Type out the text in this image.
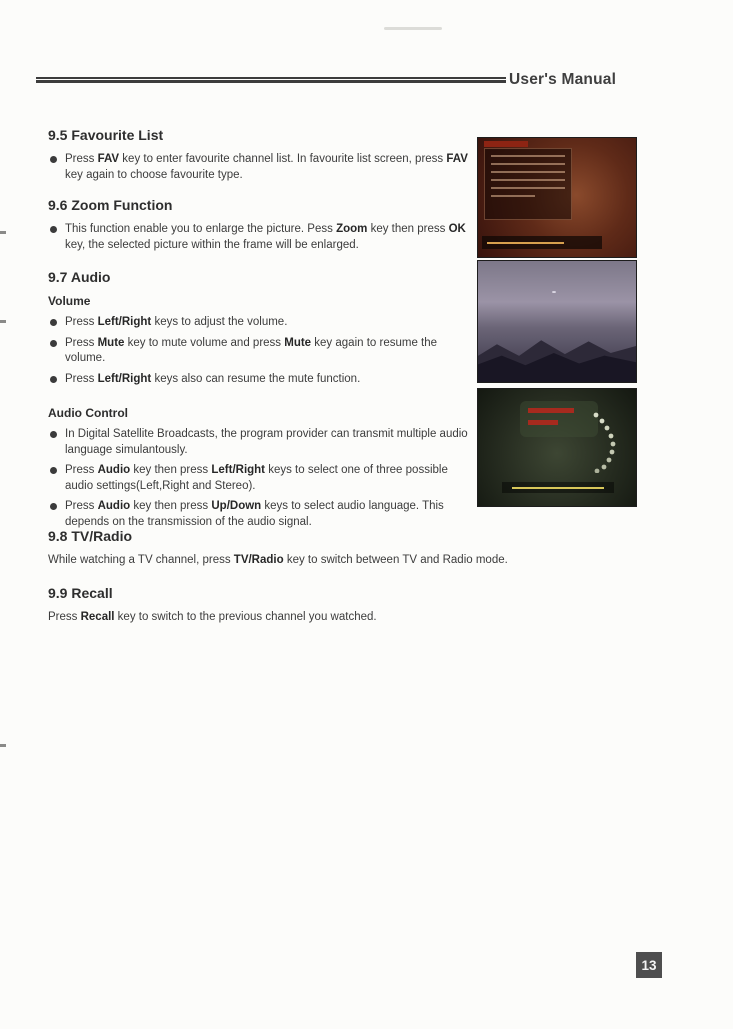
User's Manual
9.5 Favourite List
Press FAV key to enter favourite channel list. In favourite list screen, press FAV key again to choose favourite type.
9.6 Zoom Function
This function enable you to enlarge the picture. Pess Zoom key then press OK key, the selected picture within the frame will be enlarged.
9.7 Audio
Volume
Press Left/Right keys to adjust the volume.
Press Mute key to mute volume and press Mute key again to resume the volume.
Press Left/Right keys also can resume the mute function.
Audio Control
In Digital Satellite Broadcasts, the program provider can transmit multiple audio language simulantously.
Press Audio key then press Left/Right keys to select one of three possible audio settings(Left,Right and Stereo).
Press Audio key then press Up/Down keys to select audio language. This depends on the transmission of the audio signal.
9.8 TV/Radio
While watching a TV channel, press TV/Radio key to switch between TV and Radio mode.
9.9 Recall
Press Recall key to switch to the previous channel you watched.
13
